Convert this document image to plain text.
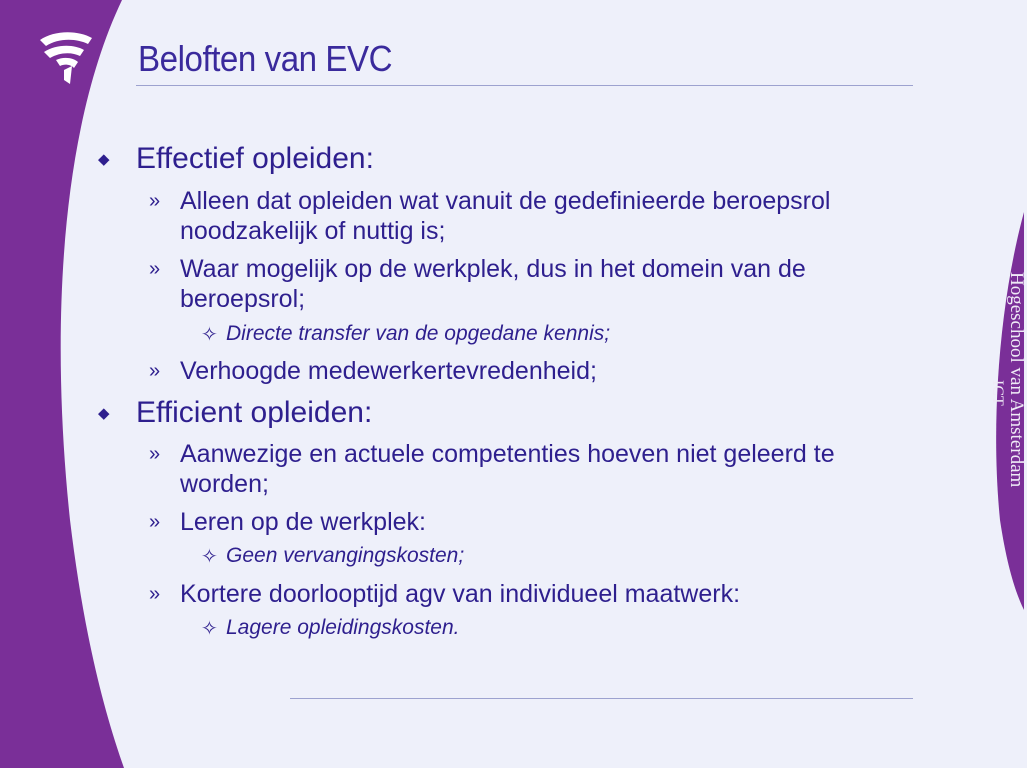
Beloften van EVC
◆ Effectief opleiden:
» Alleen dat opleiden wat vanuit de gedefinieerde beroepsrol
noodzakelijk of nuttig is;
» Waar mogelijk op de werkplek, dus in het domein van de
beroepsrol;
✧ Directe transfer van de opgedane kennis;
» Verhoogde medewerkertevredenheid;
◆ Efficient opleiden:
» Aanwezige en actuele competenties hoeven niet geleerd te
worden;
» Leren op de werkplek:
✧ Geen vervangingskosten;
» Kortere doorlooptijd agv van individueel maatwerk:
✧ Lagere opleidingskosten.
Hogeschool van Amsterdam
ICT
